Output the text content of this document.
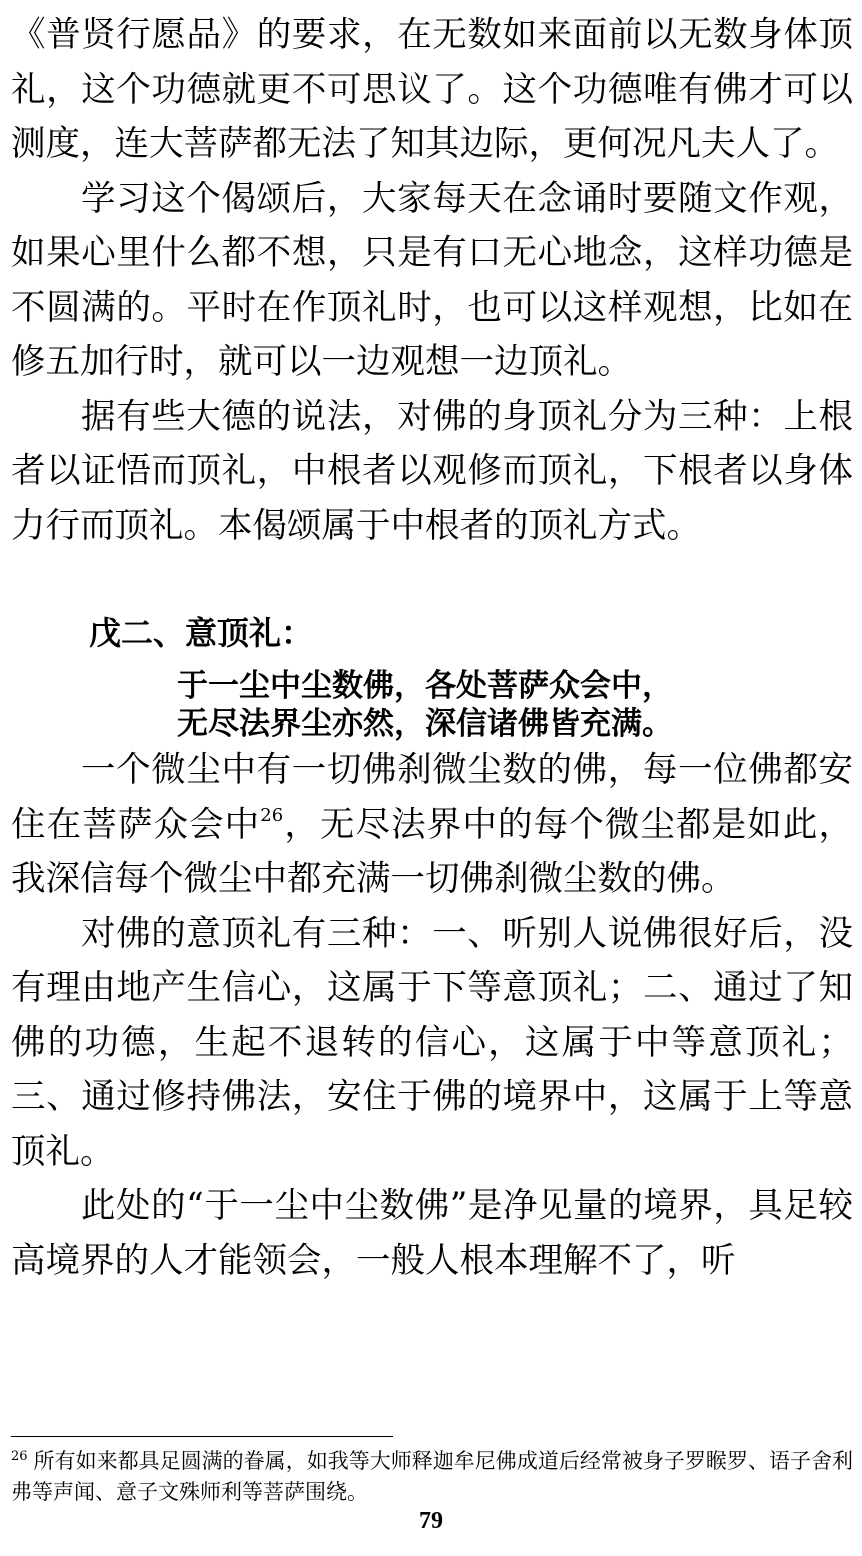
《普贤行愿品》的要求，在无数如来面前以无数身体顶礼，这个功德就更不可思议了。这个功德唯有佛才可以测度，连大菩萨都无法了知其边际，更何况凡夫人了。

学习这个偈颂后，大家每天在念诵时要随文作观，如果心里什么都不想，只是有口无心地念，这样功德是不圆满的。平时在作顶礼时，也可以这样观想，比如在修五加行时，就可以一边观想一边顶礼。

据有些大德的说法，对佛的身顶礼分为三种：上根者以证悟而顶礼，中根者以观修而顶礼，下根者以身体力行而顶礼。本偈颂属于中根者的顶礼方式。

戊二、意顶礼：

于一尘中尘数佛，各处菩萨众会中，

无尽法界尘亦然，深信诸佛皆充满。

一个微尘中有一切佛刹微尘数的佛，每一位佛都安住在菩萨众会中$^{26}$，无尽法界中的每个微尘都是如此，我深信每个微尘中都充满一切佛刹微尘数的佛。

对佛的意顶礼有三种：一、听别人说佛很好后，没有理由地产生信心，这属于下等意顶礼；二、通过了知佛的功德，生起不退转的信心，这属于中等意顶礼；三、通过修持佛法，安住于佛的境界中，这属于上等意顶礼。

此处的“于一尘中尘数佛”是净见量的境界，具足较高境界的人才能领会，一般人根本理解不了，听

$^{26}$ 所有如来都具足圆满的眷属，如我等大师释迦牟尼佛成道后经常被身子罗睺罗、语子舍利弗等声闻、意子文殊师利等菩萨围绕。
79
